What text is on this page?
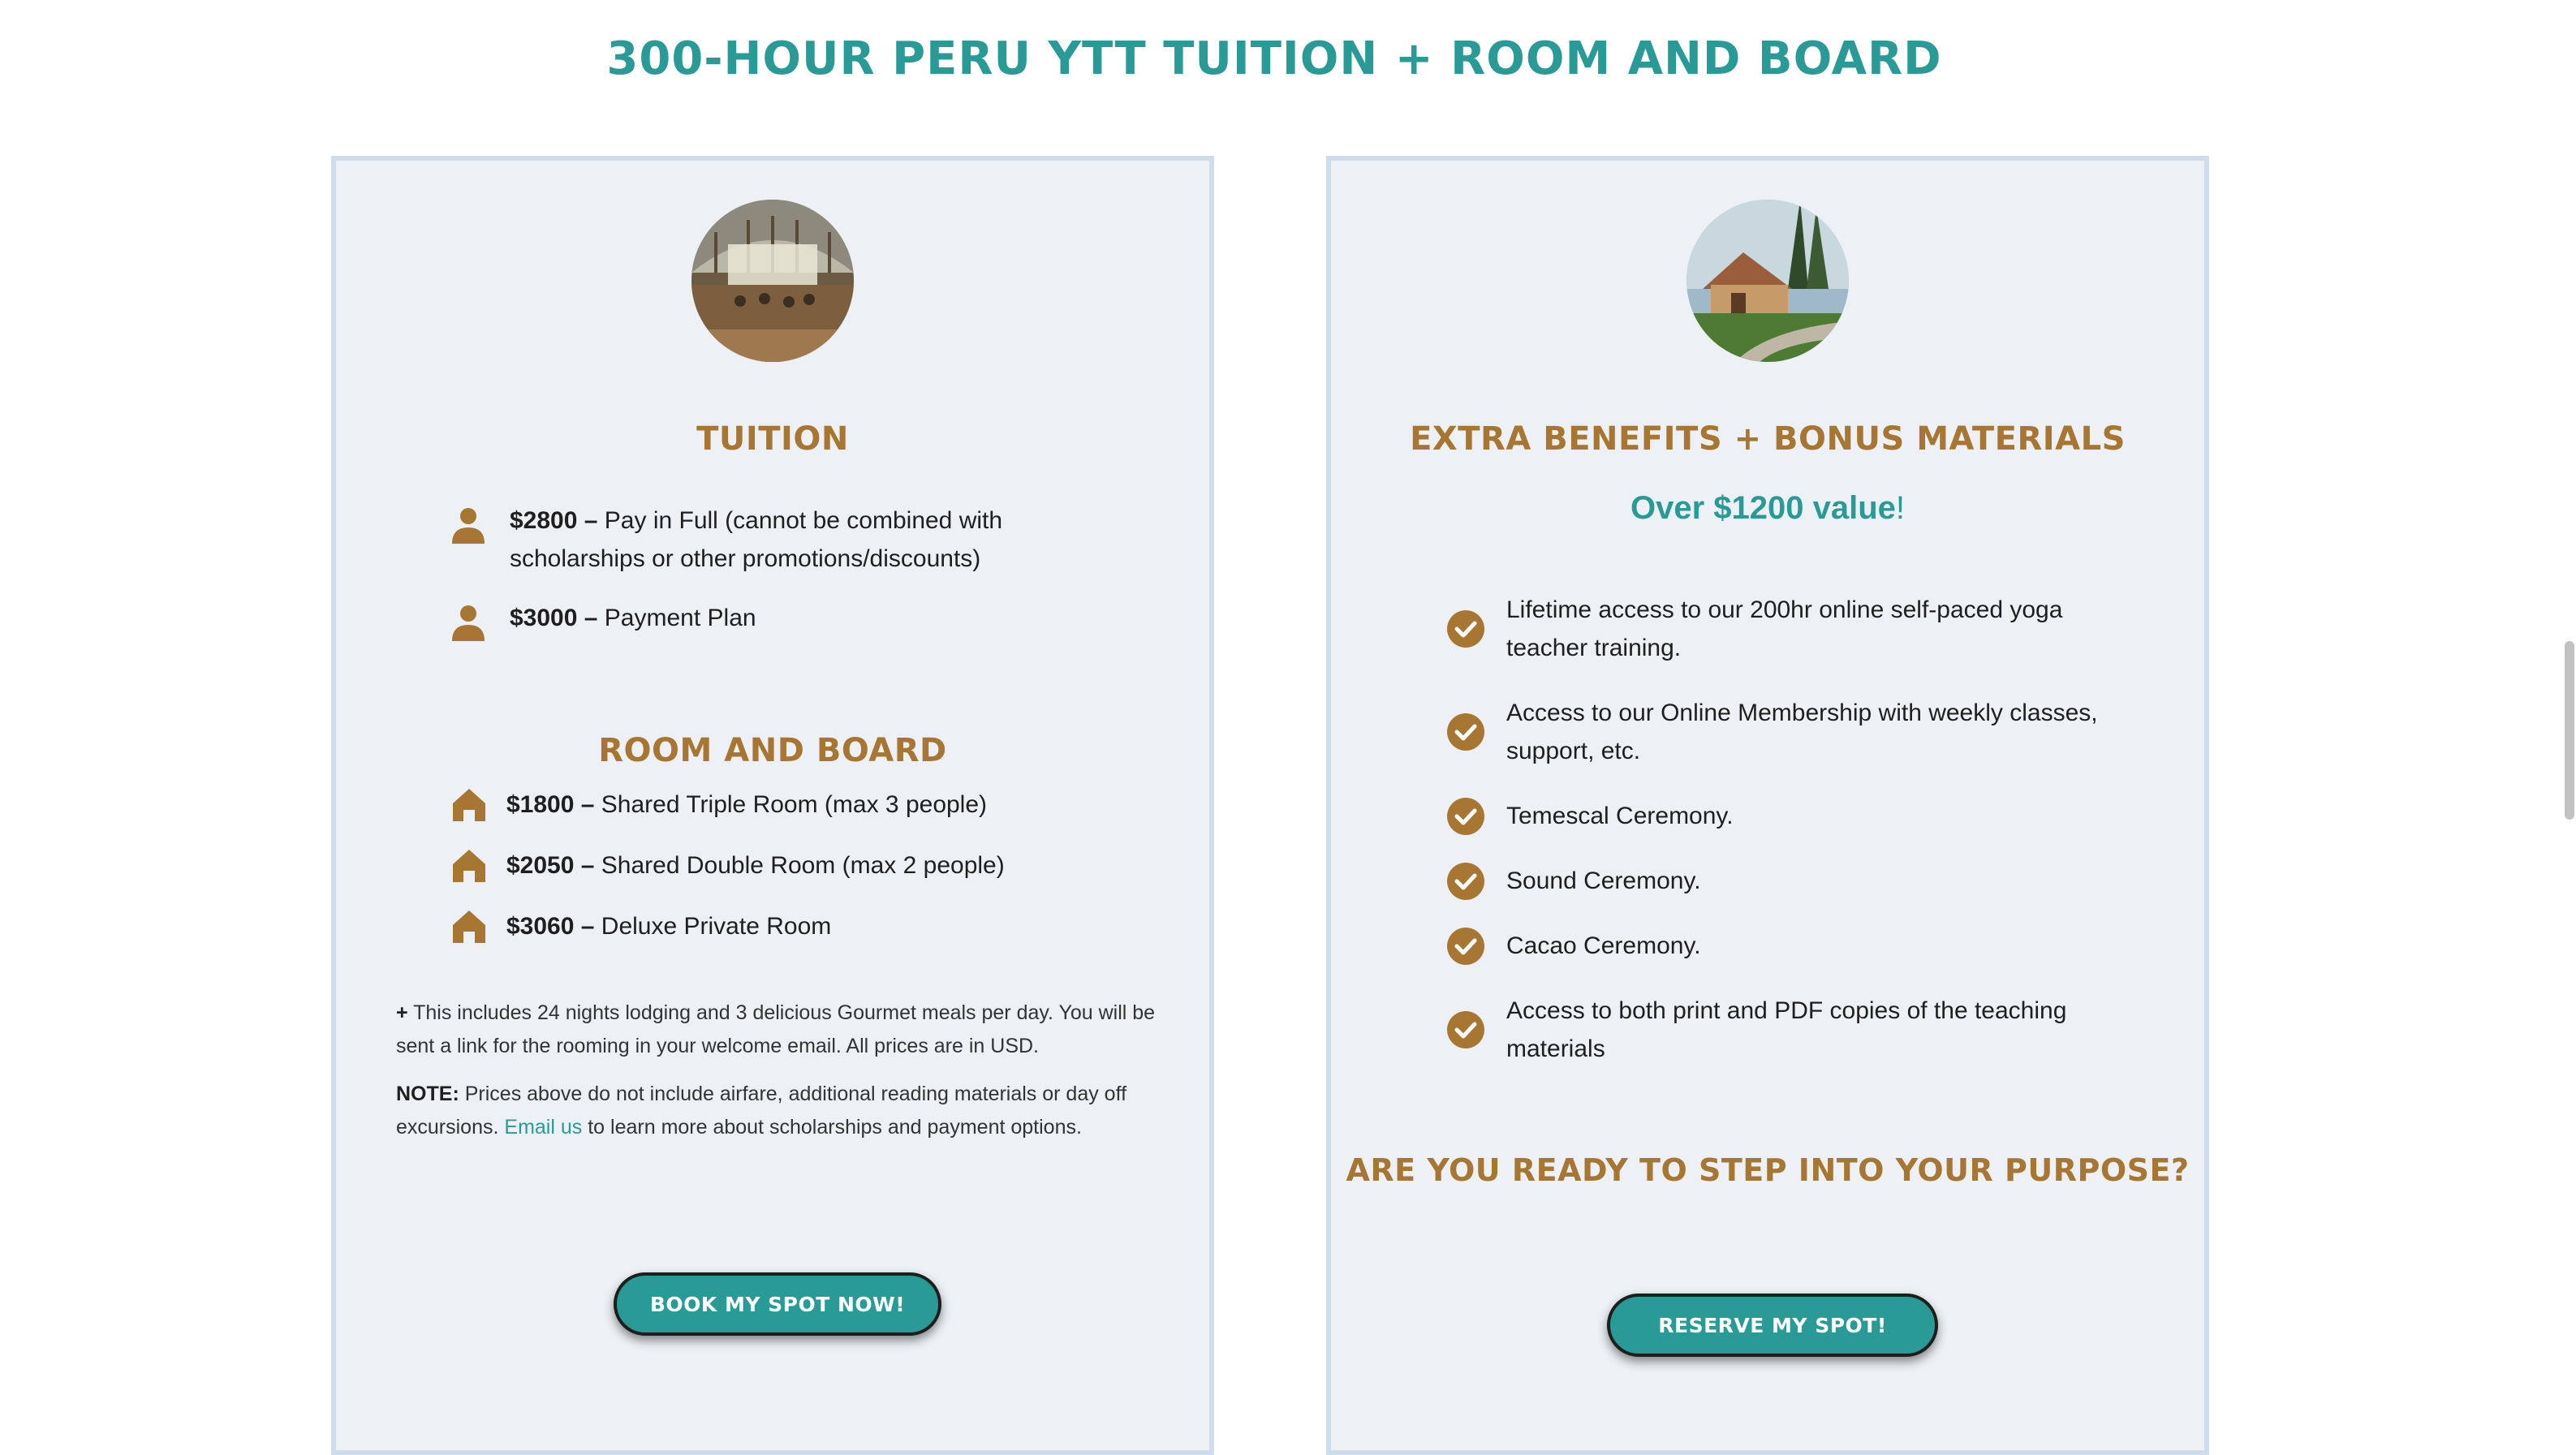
300-HOUR PERU YTT TUITION + ROOM AND BOARD
TUITION
$2800 – Pay in Full (cannot be combined with scholarships or other promotions/discounts)
$3000 – Payment Plan
ROOM AND BOARD
$1800 – Shared Triple Room (max 3 people)
$2050 – Shared Double Room (max 2 people)
$3060 – Deluxe Private Room

+ This includes 24 nights lodging and 3 delicious Gourmet meals per day. You will be sent a link for the rooming in your welcome email. All prices are in USD.

NOTE: Prices above do not include airfare, additional reading materials or day off excursions. Email us to learn more about scholarships and payment options.

BOOK MY SPOT NOW!
EXTRA BENEFITS + BONUS MATERIALS
Over $1200 value!
Lifetime access to our 200hr online self-paced yoga teacher training.
Access to our Online Membership with weekly classes, support, etc.
Temescal Ceremony.
Sound Ceremony.
Cacao Ceremony.
Access to both print and PDF copies of the teaching materials
ARE YOU READY TO STEP INTO YOUR PURPOSE?
RESERVE MY SPOT!
